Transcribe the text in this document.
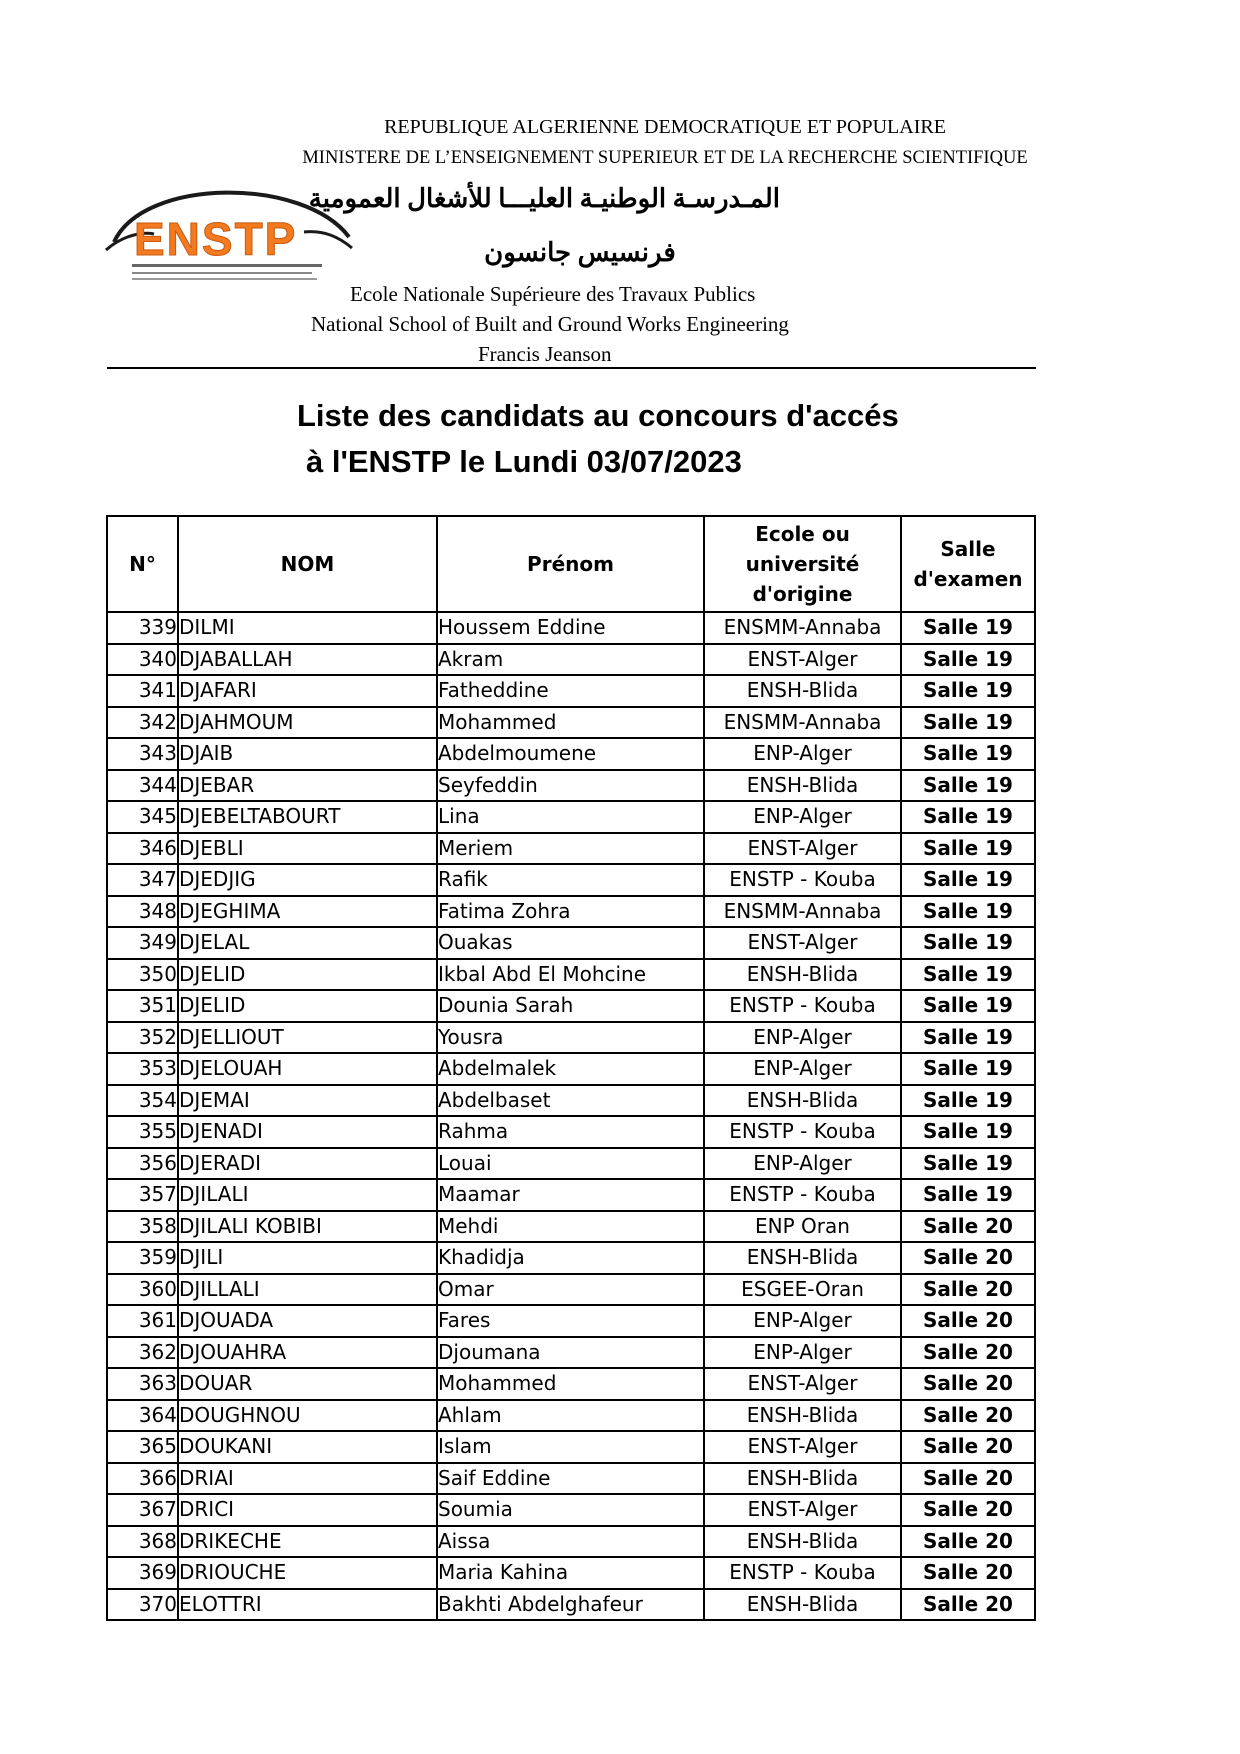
REPUBLIQUE ALGERIENNE DEMOCRATIQUE ET POPULAIRE
MINISTERE DE L’ENSEIGNEMENT SUPERIEUR ET DE LA RECHERCHE SCIENTIFIQUE
المـدرسـة الوطنيـة العليـــا للأشغال العمومية
فرنسيس جانسون
Ecole Nationale Supérieure des Travaux Publics
National School of Built and Ground Works Engineering
Francis Jeanson
ENSTP
Liste des candidats au concours d'accés
à l'ENSTP le Lundi 03/07/2023
N°	NOM	Prénom	Ecole ou université d'origine	Salle d'examen
339	DILMI	Houssem Eddine	ENSMM-Annaba	Salle 19
340	DJABALLAH	Akram	ENST-Alger	Salle 19
341	DJAFARI	Fatheddine	ENSH-Blida	Salle 19
342	DJAHMOUM	Mohammed	ENSMM-Annaba	Salle 19
343	DJAIB	Abdelmoumene	ENP-Alger	Salle 19
344	DJEBAR	Seyfeddin	ENSH-Blida	Salle 19
345	DJEBELTABOURT	Lina	ENP-Alger	Salle 19
346	DJEBLI	Meriem	ENST-Alger	Salle 19
347	DJEDJIG	Rafik	ENSTP - Kouba	Salle 19
348	DJEGHIMA	Fatima Zohra	ENSMM-Annaba	Salle 19
349	DJELAL	Ouakas	ENST-Alger	Salle 19
350	DJELID	Ikbal Abd El Mohcine	ENSH-Blida	Salle 19
351	DJELID	Dounia Sarah	ENSTP - Kouba	Salle 19
352	DJELLIOUT	Yousra	ENP-Alger	Salle 19
353	DJELOUAH	Abdelmalek	ENP-Alger	Salle 19
354	DJEMAI	Abdelbaset	ENSH-Blida	Salle 19
355	DJENADI	Rahma	ENSTP - Kouba	Salle 19
356	DJERADI	Louai	ENP-Alger	Salle 19
357	DJILALI	Maamar	ENSTP - Kouba	Salle 19
358	DJILALI KOBIBI	Mehdi	ENP Oran	Salle 20
359	DJILI	Khadidja	ENSH-Blida	Salle 20
360	DJILLALI	Omar	ESGEE-Oran	Salle 20
361	DJOUADA	Fares	ENP-Alger	Salle 20
362	DJOUAHRA	Djoumana	ENP-Alger	Salle 20
363	DOUAR	Mohammed	ENST-Alger	Salle 20
364	DOUGHNOU	Ahlam	ENSH-Blida	Salle 20
365	DOUKANI	Islam	ENST-Alger	Salle 20
366	DRIAI	Saif Eddine	ENSH-Blida	Salle 20
367	DRICI	Soumia	ENST-Alger	Salle 20
368	DRIKECHE	Aissa	ENSH-Blida	Salle 20
369	DRIOUCHE	Maria Kahina	ENSTP - Kouba	Salle 20
370	ELOTTRI	Bakhti Abdelghafeur	ENSH-Blida	Salle 20
